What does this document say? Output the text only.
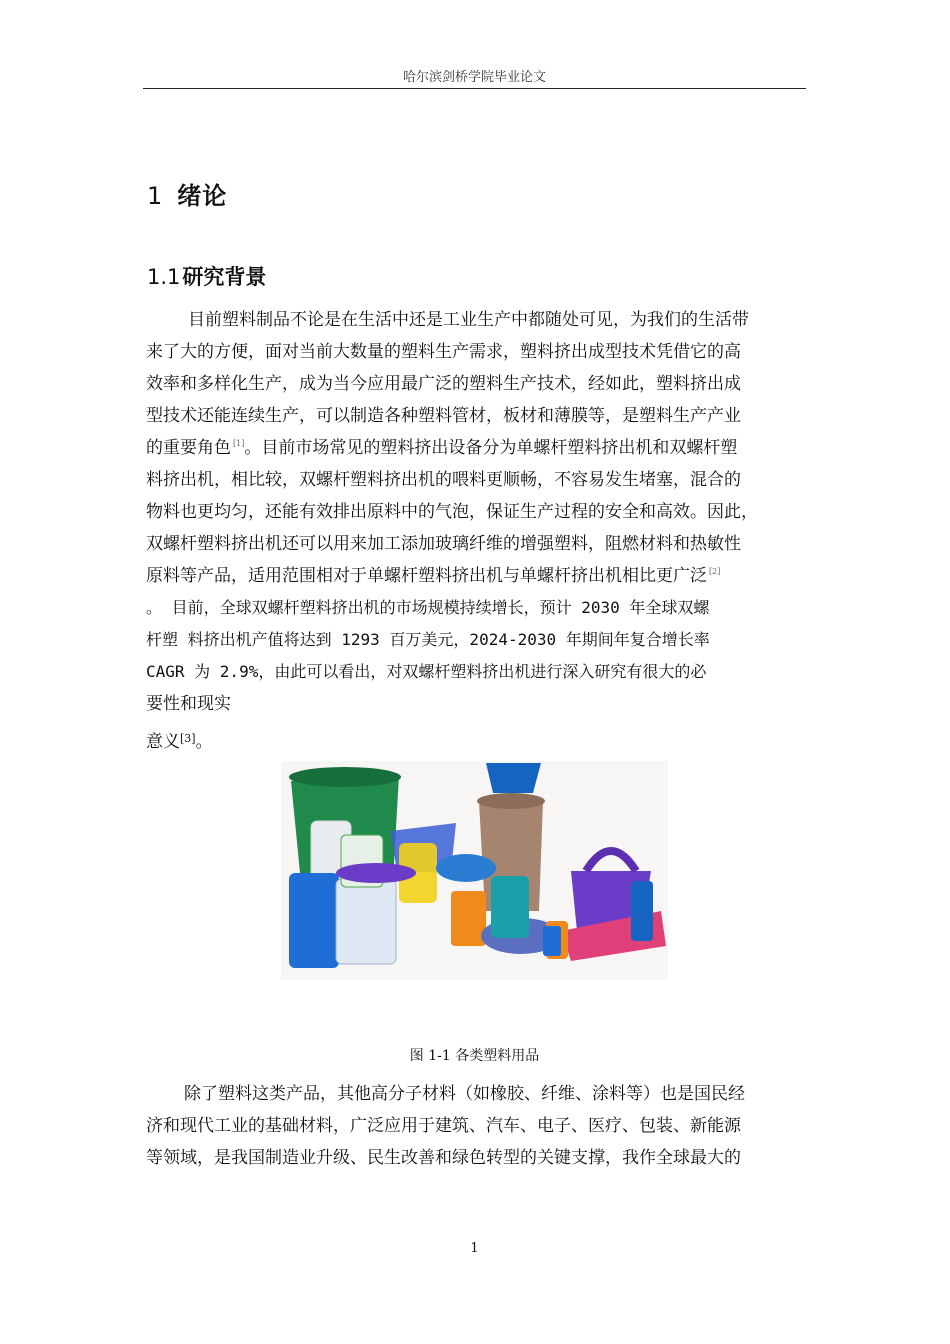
哈尔滨剑桥学院毕业论文
1 绪论
1.1研究背景
目前塑料制品不论是在生活中还是工业生产中都随处可见，为我们的生活带
来了大的方便，面对当前大数量的塑料生产需求，塑料挤出成型技术凭借它的高
效率和多样化生产，成为当今应用最广泛的塑料生产技术，经如此，塑料挤出成
型技术还能连续生产，可以制造各种塑料管材，板材和薄膜等，是塑料生产产业
的重要角色 [1]。目前市场常见的塑料挤出设备分为单螺杆塑料挤出机和双螺杆塑
料挤出机，相比较，双螺杆塑料挤出机的喂料更顺畅，不容易发生堵塞，混合的
物料也更均匀，还能有效排出原料中的气泡，保证生产过程的安全和高效。因此，
双螺杆塑料挤出机还可以用来加工添加玻璃纤维的增强塑料，阻燃材料和热敏性
原料等产品，适用范围相对于单螺杆塑料挤出机与单螺杆挤出机相比更广泛 [2]
。 目前，全球双螺杆塑料挤出机的市场规模持续增长，预计 2030 年全球双螺
杆塑 料挤出机产值将达到 1293 百万美元，2024-2030 年期间年复合增长率
CAGR 为 2.9%，由此可以看出，对双螺杆塑料挤出机进行深入研究有很大的必
要性和现实
意义[3]。
图 1-1 各类塑料用品
除了塑料这类产品，其他高分子材料（如橡胶、纤维、涂料等）也是国民经
济和现代工业的基础材料，广泛应用于建筑、汽车、电子、医疗、包装、新能源
等领域，是我国制造业升级、民生改善和绿色转型的关键支撑，我作全球最大的
1
